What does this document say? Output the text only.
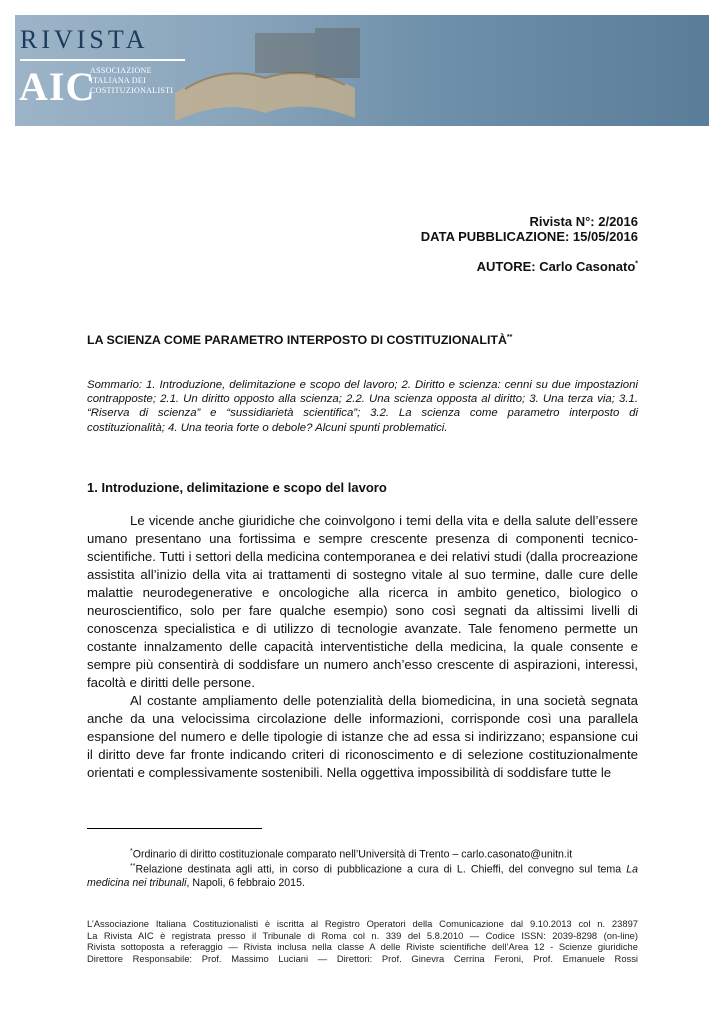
RIVISTA
AIC
ASSOCIAZIONE
ITALIANA DEI
COSTITUZIONALISTI
Rivista N°: 2/2016
DATA PUBBLICAZIONE: 15/05/2016
AUTORE: Carlo Casonato*
LA SCIENZA COME PARAMETRO INTERPOSTO DI COSTITUZIONALITÀ**
Sommario: 1. Introduzione, delimitazione e scopo del lavoro; 2. Diritto e scienza: cenni su due impostazioni contrapposte; 2.1. Un diritto opposto alla scienza; 2.2. Una scienza opposta al diritto; 3. Una terza via; 3.1. “Riserva di scienza” e “sussidiarietà scientifica”; 3.2. La scienza come parametro interposto di costituzionalità; 4. Una teoria forte o debole? Alcuni spunti problematici.
1. Introduzione, delimitazione e scopo del lavoro

Le vicende anche giuridiche che coinvolgono i temi della vita e della salute dell’essere umano presentano una fortissima e sempre crescente presenza di componenti tecnico-scientifiche. Tutti i settori della medicina contemporanea e dei relativi studi (dalla procreazione assistita all’inizio della vita ai trattamenti di sostegno vitale al suo termine, dalle cure delle malattie neurodegenerative e oncologiche alla ricerca in ambito genetico, biologico o neuroscientifico, solo per fare qualche esempio) sono così segnati da altissimi livelli di conoscenza specialistica e di utilizzo di tecnologie avanzate. Tale fenomeno permette un costante innalzamento delle capacità interventistiche della medicina, la quale consente e sempre più consentirà di soddisfare un numero anch’esso crescente di aspirazioni, interessi, facoltà e diritti delle persone.

Al costante ampliamento delle potenzialità della biomedicina, in una società segnata anche da una velocissima circolazione delle informazioni, corrisponde così una parallela espansione del numero e delle tipologie di istanze che ad essa si indirizzano; espansione cui il diritto deve far fronte indicando criteri di riconoscimento e di selezione costituzionalmente orientati e complessivamente sostenibili. Nella oggettiva impossibilità di soddisfare tutte le

*Ordinario di diritto costituzionale comparato nell’Università di Trento – carlo.casonato@unitn.it

**Relazione destinata agli atti, in corso di pubblicazione a cura di L. Chieffi, del convegno sul tema La medicina nei tribunali, Napoli, 6 febbraio 2015.

L’Associazione Italiana Costituzionalisti è iscritta al Registro Operatori della Comunicazione dal 9.10.2013 col n. 23897
La Rivista AIC è registrata presso il Tribunale di Roma col n. 339 del 5.8.2010 — Codice ISSN: 2039-8298 (on-line)
Rivista sottoposta a referaggio — Rivista inclusa nella classe A delle Riviste scientifiche dell’Area 12 - Scienze giuridiche
Direttore Responsabile: Prof. Massimo Luciani — Direttori: Prof. Ginevra Cerrina Feroni, Prof. Emanuele Rossi
